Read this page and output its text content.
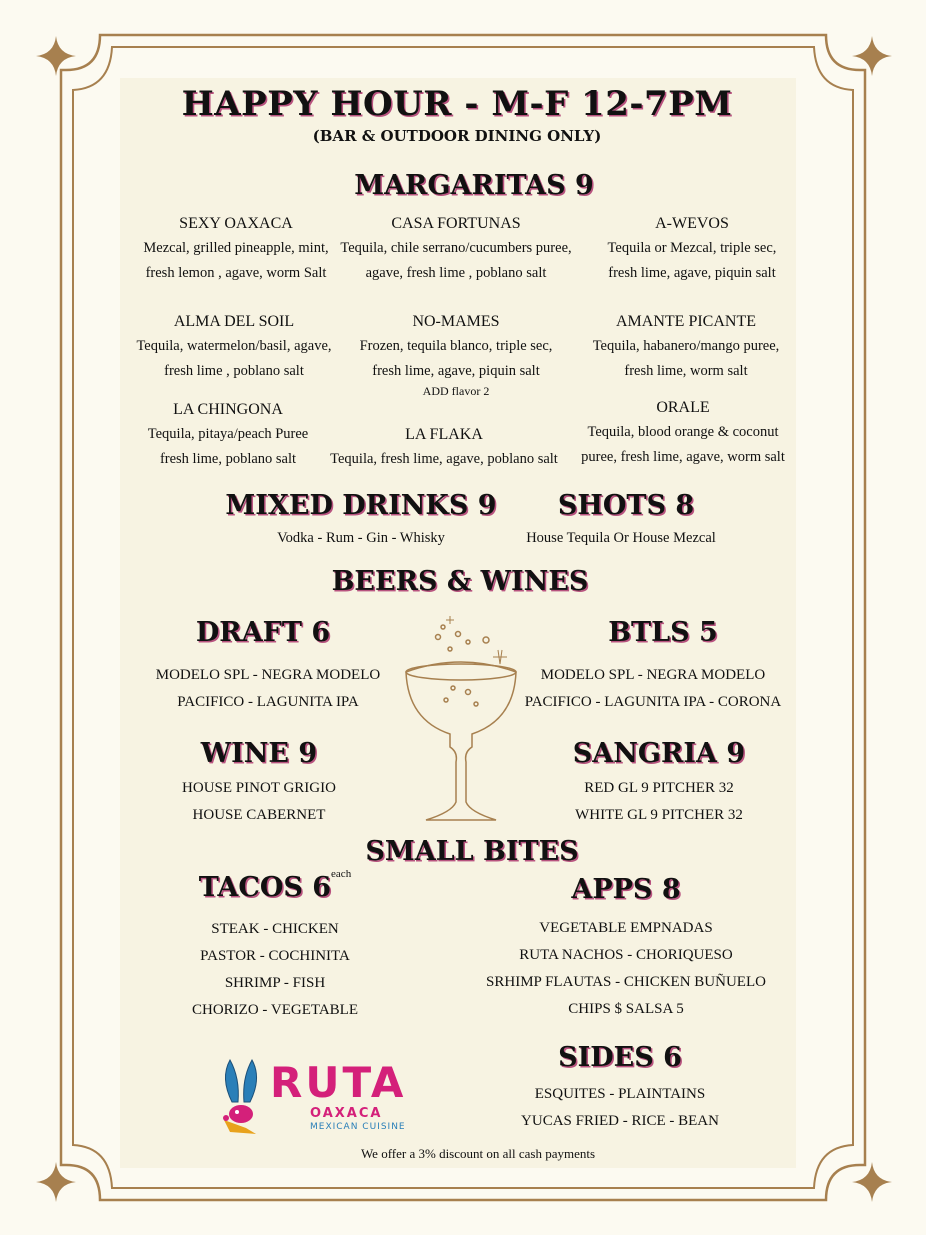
HAPPY HOUR - M-F 12-7PM
(BAR & OUTDOOR DINING ONLY)
MARGARITAS 9
SEXY OAXACA
Mezcal, grilled pineapple, mint,
fresh lemon , agave, worm Salt
CASA FORTUNAS
Tequila, chile serrano/cucumbers puree,
agave, fresh lime , poblano salt
A-WEVOS
Tequila or Mezcal, triple sec,
fresh lime, agave, piquin salt
ALMA DEL SOIL
Tequila, watermelon/basil, agave,
fresh lime , poblano salt
NO-MAMES
Frozen, tequila blanco, triple sec,
fresh lime, agave, piquin salt
ADD flavor 2
AMANTE PICANTE
Tequila, habanero/mango puree,
fresh lime, worm salt
LA CHINGONA
Tequila, pitaya/peach Puree
fresh lime, poblano salt
LA FLAKA
Tequila, fresh lime, agave, poblano salt
ORALE
Tequila, blood orange & coconut
puree, fresh lime, agave, worm salt
MIXED DRINKS 9
Vodka - Rum - Gin - Whisky
SHOTS 8
House Tequila Or House Mezcal
BEERS & WINES
DRAFT 6
MODELO SPL - NEGRA MODELO
PACIFICO - LAGUNITA IPA
BTLS 5
MODELO SPL - NEGRA MODELO
PACIFICO - LAGUNITA IPA - CORONA
WINE 9
HOUSE PINOT GRIGIO
HOUSE CABERNET
SANGRIA 9
RED GL 9 PITCHER 32
WHITE GL 9 PITCHER 32
SMALL BITES
TACOS $6^{each}$
STEAK - CHICKEN
PASTOR - COCHINITA
SHRIMP - FISH
CHORIZO - VEGETABLE
APPS 8
VEGETABLE EMPNADAS
RUTA NACHOS - CHORIQUESO
SRHIMP FLAUTAS - CHICKEN BUÑUELO
CHIPS $ SALSA 5
SIDES 6
ESQUITES - PLAINTAINS
YUCAS FRIED - RICE - BEAN
RUTA
OAXACA
MEXICAN CUISINE
We offer a 3% discount on all cash payments
